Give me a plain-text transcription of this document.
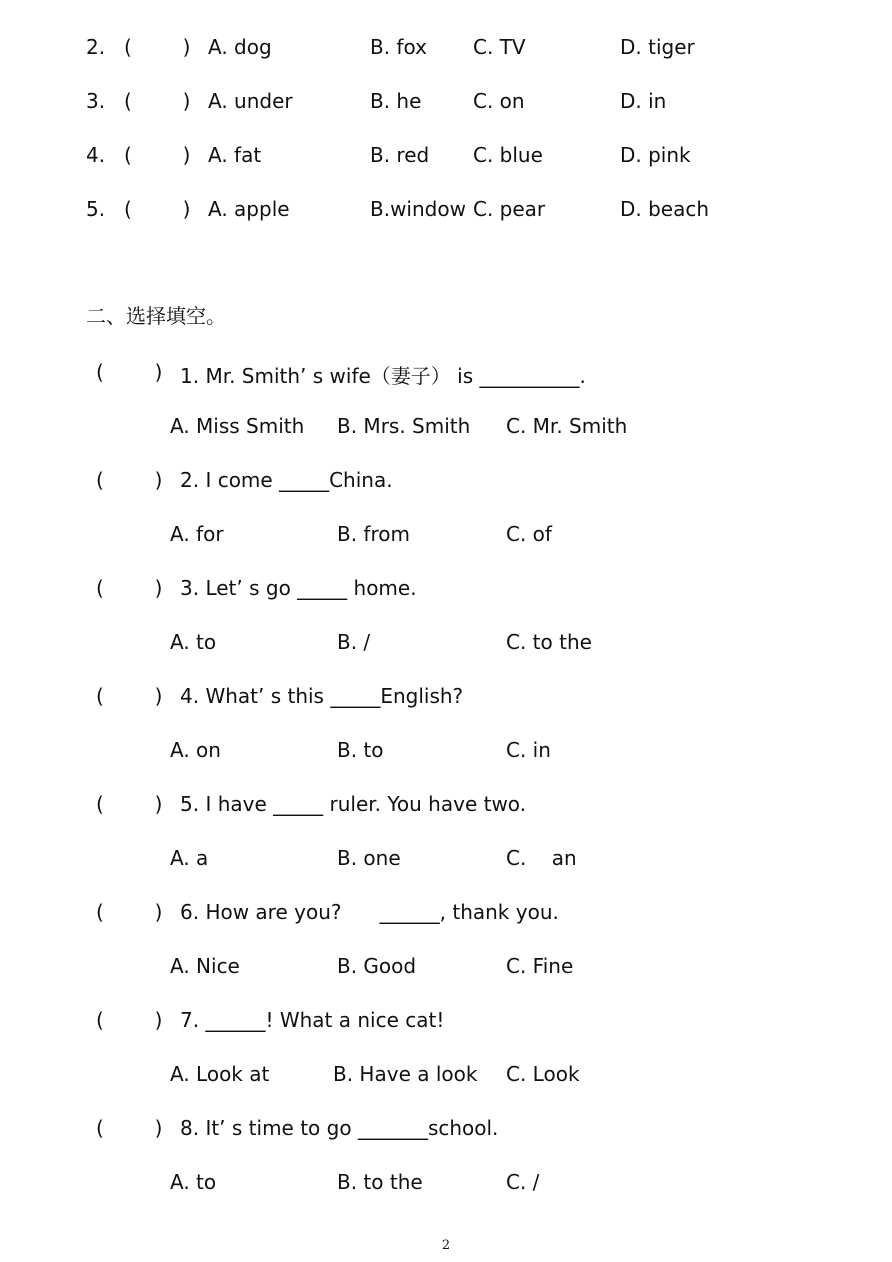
2. (        ) A. dog	B. fox C. TV	D. tiger
3. (        ) A. under	B. he	C. on	D. in
4. (        ) A. fat	B. red C. blue	D. pink
5. (        ) A. apple	B.window C. pear	D. beach
二、选择填空。
(        ) 1. Mr. Smith’ s wife（妻子） is __________.
A. Miss Smith B. Mrs. Smith C. Mr. Smith
(        ) 2. I come _____China.
A. for	B. from	C. of
(        ) 3. Let’ s go _____ home.
A. to	B. /	C. to the
(        ) 4. What’ s this _____English?
A. on	B. to	C. in
(        ) 5. I have _____ ruler. You have two.
A. a	B. one	C.    an
(        ) 6. How are you?      ______, thank you.
A. Nice	B. Good	C. Fine
(        ) 7. ______! What a nice cat!
A. Look at	B. Have a look C. Look
(        ) 8. It’ s time to go _______school.
A. to	B. to the	C. /
2
